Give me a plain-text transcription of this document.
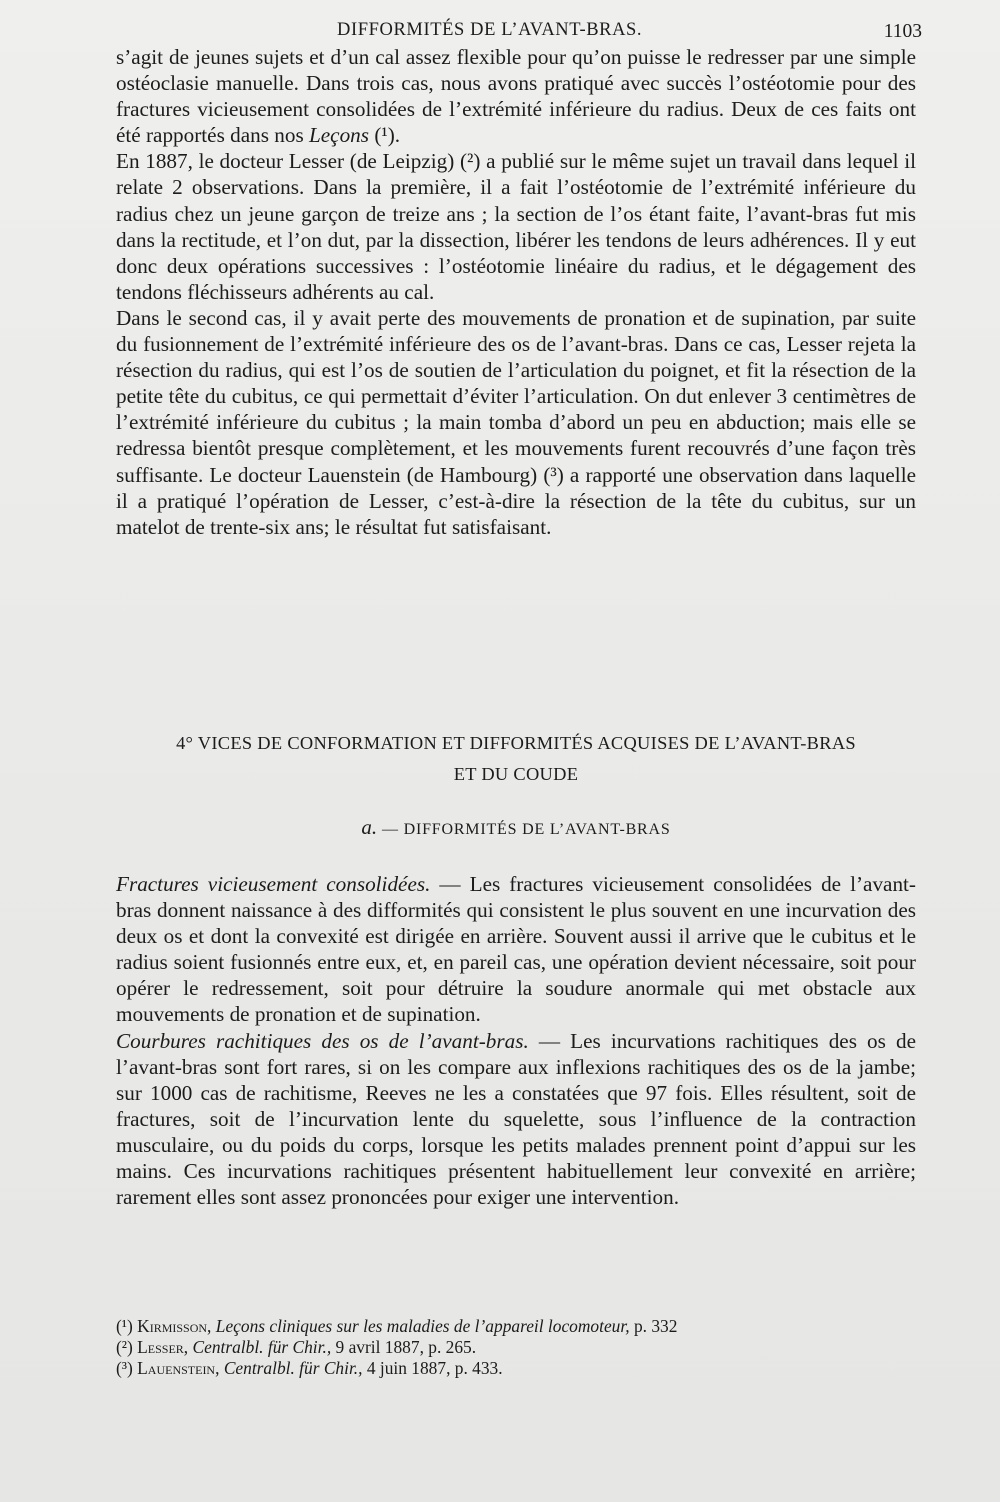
DIFFORMITÉS DE L’AVANT-BRAS.	1103

s’agit de jeunes sujets et d’un cal assez flexible pour qu’on puisse le redresser par une simple ostéoclasie manuelle. Dans trois cas, nous avons pratiqué avec succès l’ostéotomie pour des fractures vicieusement consolidées de l’extrémité inférieure du radius. Deux de ces faits ont été rapportés dans nos Leçons (¹).

En 1887, le docteur Lesser (de Leipzig) (²) a publié sur le même sujet un travail dans lequel il relate 2 observations. Dans la première, il a fait l’ostéotomie de l’extrémité inférieure du radius chez un jeune garçon de treize ans ; la section de l’os étant faite, l’avant-bras fut mis dans la rectitude, et l’on dut, par la dissection, libérer les tendons de leurs adhérences. Il y eut donc deux opérations successives : l’ostéotomie linéaire du radius, et le dégagement des tendons fléchisseurs adhérents au cal.

Dans le second cas, il y avait perte des mouvements de pronation et de supination, par suite du fusionnement de l’extrémité inférieure des os de l’avant-bras. Dans ce cas, Lesser rejeta la résection du radius, qui est l’os de soutien de l’articulation du poignet, et fit la résection de la petite tête du cubitus, ce qui permettait d’éviter l’articulation. On dut enlever 3 centimètres de l’extrémité inférieure du cubitus ; la main tomba d’abord un peu en abduction; mais elle se redressa bientôt presque complètement, et les mouvements furent recouvrés d’une façon très suffisante. Le docteur Lauenstein (de Hambourg) (³) a rapporté une observation dans laquelle il a pratiqué l’opération de Lesser, c’est-à-dire la résection de la tête du cubitus, sur un matelot de trente-six ans; le résultat fut satisfaisant.

4° VICES DE CONFORMATION ET DIFFORMITÉS ACQUISES DE L’AVANT-BRAS
ET DU COUDE
a. — DIFFORMITÉS DE L’AVANT-BRAS

Fractures vicieusement consolidées. — Les fractures vicieusement consolidées de l’avant-bras donnent naissance à des difformités qui consistent le plus souvent en une incurvation des deux os et dont la convexité est dirigée en arrière. Souvent aussi il arrive que le cubitus et le radius soient fusionnés entre eux, et, en pareil cas, une opération devient nécessaire, soit pour opérer le redressement, soit pour détruire la soudure anormale qui met obstacle aux mouvements de pronation et de supination.

Courbures rachitiques des os de l’avant-bras. — Les incurvations rachitiques des os de l’avant-bras sont fort rares, si on les compare aux inflexions rachitiques des os de la jambe; sur 1000 cas de rachitisme, Reeves ne les a constatées que 97 fois. Elles résultent, soit de fractures, soit de l’incurvation lente du squelette, sous l’influence de la contraction musculaire, ou du poids du corps, lorsque les petits malades prennent point d’appui sur les mains. Ces incurvations rachitiques présentent habituellement leur convexité en arrière; rarement elles sont assez prononcées pour exiger une intervention.

(¹) Kirmisson, Leçons cliniques sur les maladies de l’appareil locomoteur, p. 332
(²) Lesser, Centralbl. für Chir., 9 avril 1887, p. 265.
(³) Lauenstein, Centralbl. für Chir., 4 juin 1887, p. 433.
